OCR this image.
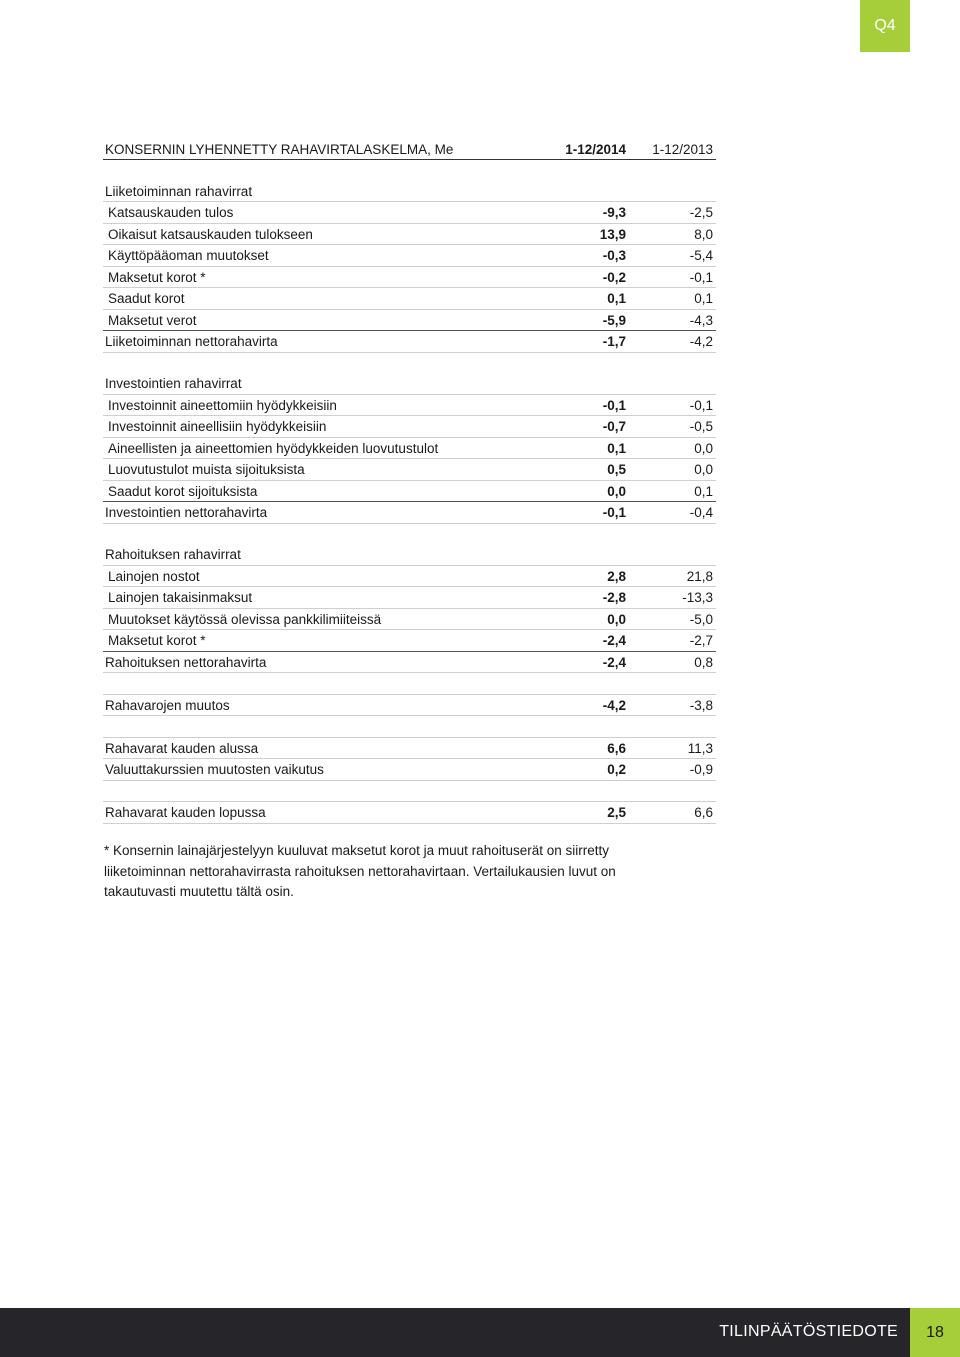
Q4
KONSERNIN LYHENNETTY RAHAVIRTALASKELMA, Me	1-12/2014 1-12/2013
Liiketoiminnan rahavirrat
Katsauskauden tulos	-9,3	-2,5
Oikaisut katsauskauden tulokseen	13,9	8,0
Käyttöpääoman muutokset	-0,3	-5,4
Maksetut korot *	-0,2	-0,1
Saadut korot	0,1	0,1
Maksetut verot	-5,9	-4,3
Liiketoiminnan nettorahavirta	-1,7	-4,2
Investointien rahavirrat
Investoinnit aineettomiin hyödykkeisiin	-0,1	-0,1
Investoinnit aineellisiin hyödykkeisiin	-0,7	-0,5
Aineellisten ja aineettomien hyödykkeiden luovutustulot	0,1	0,0
Luovutustulot muista sijoituksista	0,5	0,0
Saadut korot sijoituksista	0,0	0,1
Investointien nettorahavirta	-0,1	-0,4
Rahoituksen rahavirrat
Lainojen nostot	2,8	21,8
Lainojen takaisinmaksut	-2,8	-13,3
Muutokset käytössä olevissa pankkilimiiteissä	0,0	-5,0
Maksetut korot *	-2,4	-2,7
Rahoituksen nettorahavirta	-2,4	0,8
Rahavarojen muutos	-4,2	-3,8
Rahavarat kauden alussa	6,6	11,3
Valuuttakurssien muutosten vaikutus	0,2	-0,9
Rahavarat kauden lopussa	2,5	6,6

* Konsernin lainajärjestelyyn kuuluvat maksetut korot ja muut rahoituserät on siirretty

liiketoiminnan nettorahavirrasta rahoituksen nettorahavirtaan. Vertailukausien luvut on

takautuvasti muutettu tältä osin.

TILINPÄÄTÖSTIEDOTE	18
